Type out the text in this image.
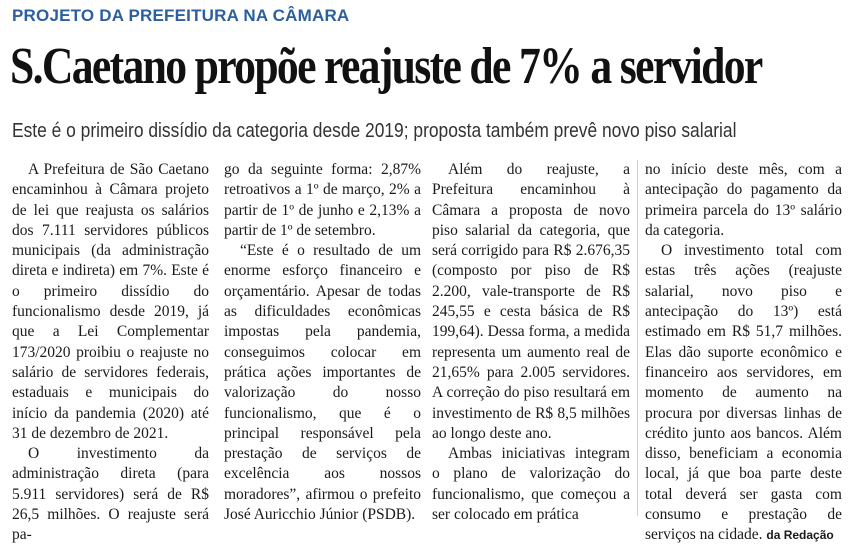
PROJETO DA PREFEITURA NA CÂMARA
S.Caetano propõe reajuste de 7% a servidor
Este é o primeiro dissídio da categoria desde 2019; proposta também prevê novo piso salarial

A Prefeitura de São Caetano encaminhou à Câmara projeto de lei que reajusta os salários dos 7.111 servidores públicos municipais (da administração direta e indireta) em 7%. Este é o primeiro dissídio do funcionalismo desde 2019, já que a Lei Complementar 173/2020 proibiu o reajuste no salário de servidores federais, estaduais e municipais do início da pandemia (2020) até 31 de dezembro de 2021.

O investimento da administração direta (para 5.911 servidores) será de R$ 26,5 milhões. O reajuste será pa-

go da seguinte forma: 2,87% retroativos a 1º de março, 2% a partir de 1º de junho e 2,13% a partir de 1º de setembro.

“Este é o resultado de um enorme esforço financeiro e orçamentário. Apesar de todas as dificuldades econômicas impostas pela pandemia, conseguimos colocar em prática ações importantes de valorização do nosso funcionalismo, que é o principal responsável pela prestação de serviços de excelência aos nossos moradores”, afirmou o prefeito José Auricchio Júnior (PSDB).

Além do reajuste, a Prefeitura encaminhou à Câmara a proposta de novo piso salarial da categoria, que será corrigido para R$ 2.676,35 (composto por piso de R$ 2.200, vale-transporte de R$ 245,55 e cesta básica de R$ 199,64). Dessa forma, a medida representa um aumento real de 21,65% para 2.005 servidores. A correção do piso resultará em investimento de R$ 8,5 milhões ao longo deste ano.

Ambas iniciativas integram o plano de valorização do funcionalismo, que começou a ser colocado em prática

no início deste mês, com a antecipação do pagamento da primeira parcela do 13º salário da categoria.

O investimento total com estas três ações (reajuste salarial, novo piso e antecipação do 13º) está estimado em R$ 51,7 milhões. Elas dão suporte econômico e financeiro aos servidores, em momento de aumento na procura por diversas linhas de crédito junto aos bancos. Além disso, beneficiam a economia local, já que boa parte deste total deverá ser gasta com consumo e prestação de serviços na cidade. da Redação
